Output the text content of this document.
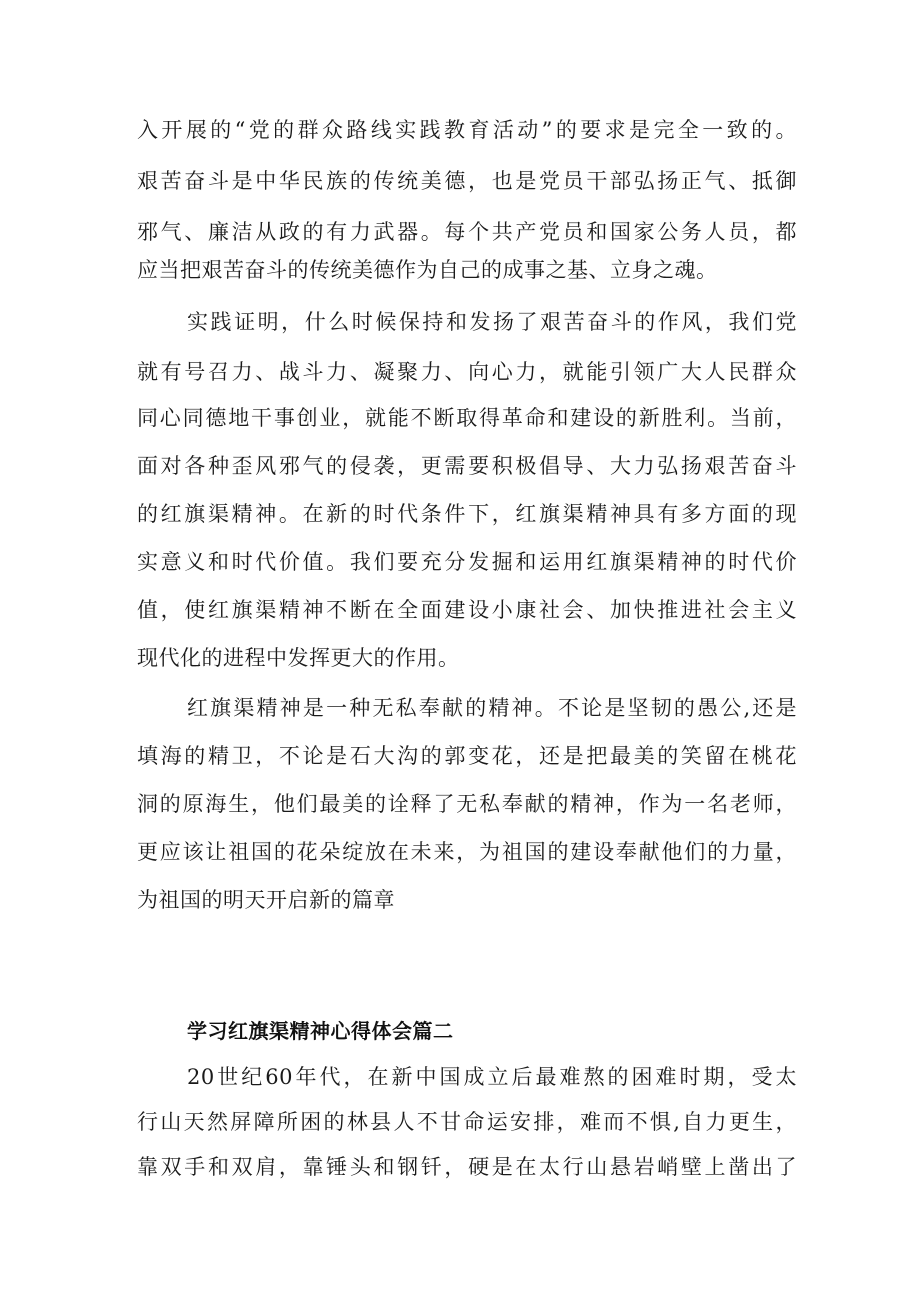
入开展的“党的群众路线实践教育活动”的要求是完全一致的。
艰苦奋斗是中华民族的传统美德，也是党员干部弘扬正气、抵御
邪气、廉洁从政的有力武器。每个共产党员和国家公务人员，都
应当把艰苦奋斗的传统美德作为自己的成事之基、立身之魂。
实践证明，什么时候保持和发扬了艰苦奋斗的作风，我们党
就有号召力、战斗力、凝聚力、向心力，就能引领广大人民群众
同心同德地干事创业，就能不断取得革命和建设的新胜利。当前，
面对各种歪风邪气的侵袭，更需要积极倡导、大力弘扬艰苦奋斗
的红旗渠精神。在新的时代条件下，红旗渠精神具有多方面的现
实意义和时代价值。我们要充分发掘和运用红旗渠精神的时代价
值，使红旗渠精神不断在全面建设小康社会、加快推进社会主义
现代化的进程中发挥更大的作用。
红旗渠精神是一种无私奉献的精神。不论是坚韧的愚公,还是
填海的精卫，不论是石大沟的郭变花，还是把最美的笑留在桃花
洞的原海生，他们最美的诠释了无私奉献的精神，作为一名老师，
更应该让祖国的花朵绽放在未来，为祖国的建设奉献他们的力量，
为祖国的明天开启新的篇章
学习红旗渠精神心得体会篇二
20世纪60年代，在新中国成立后最难熬的困难时期，受太
行山天然屏障所困的林县人不甘命运安排，难而不惧,自力更生，
靠双手和双肩，靠锤头和钢钎，硬是在太行山悬岩峭壁上凿出了
